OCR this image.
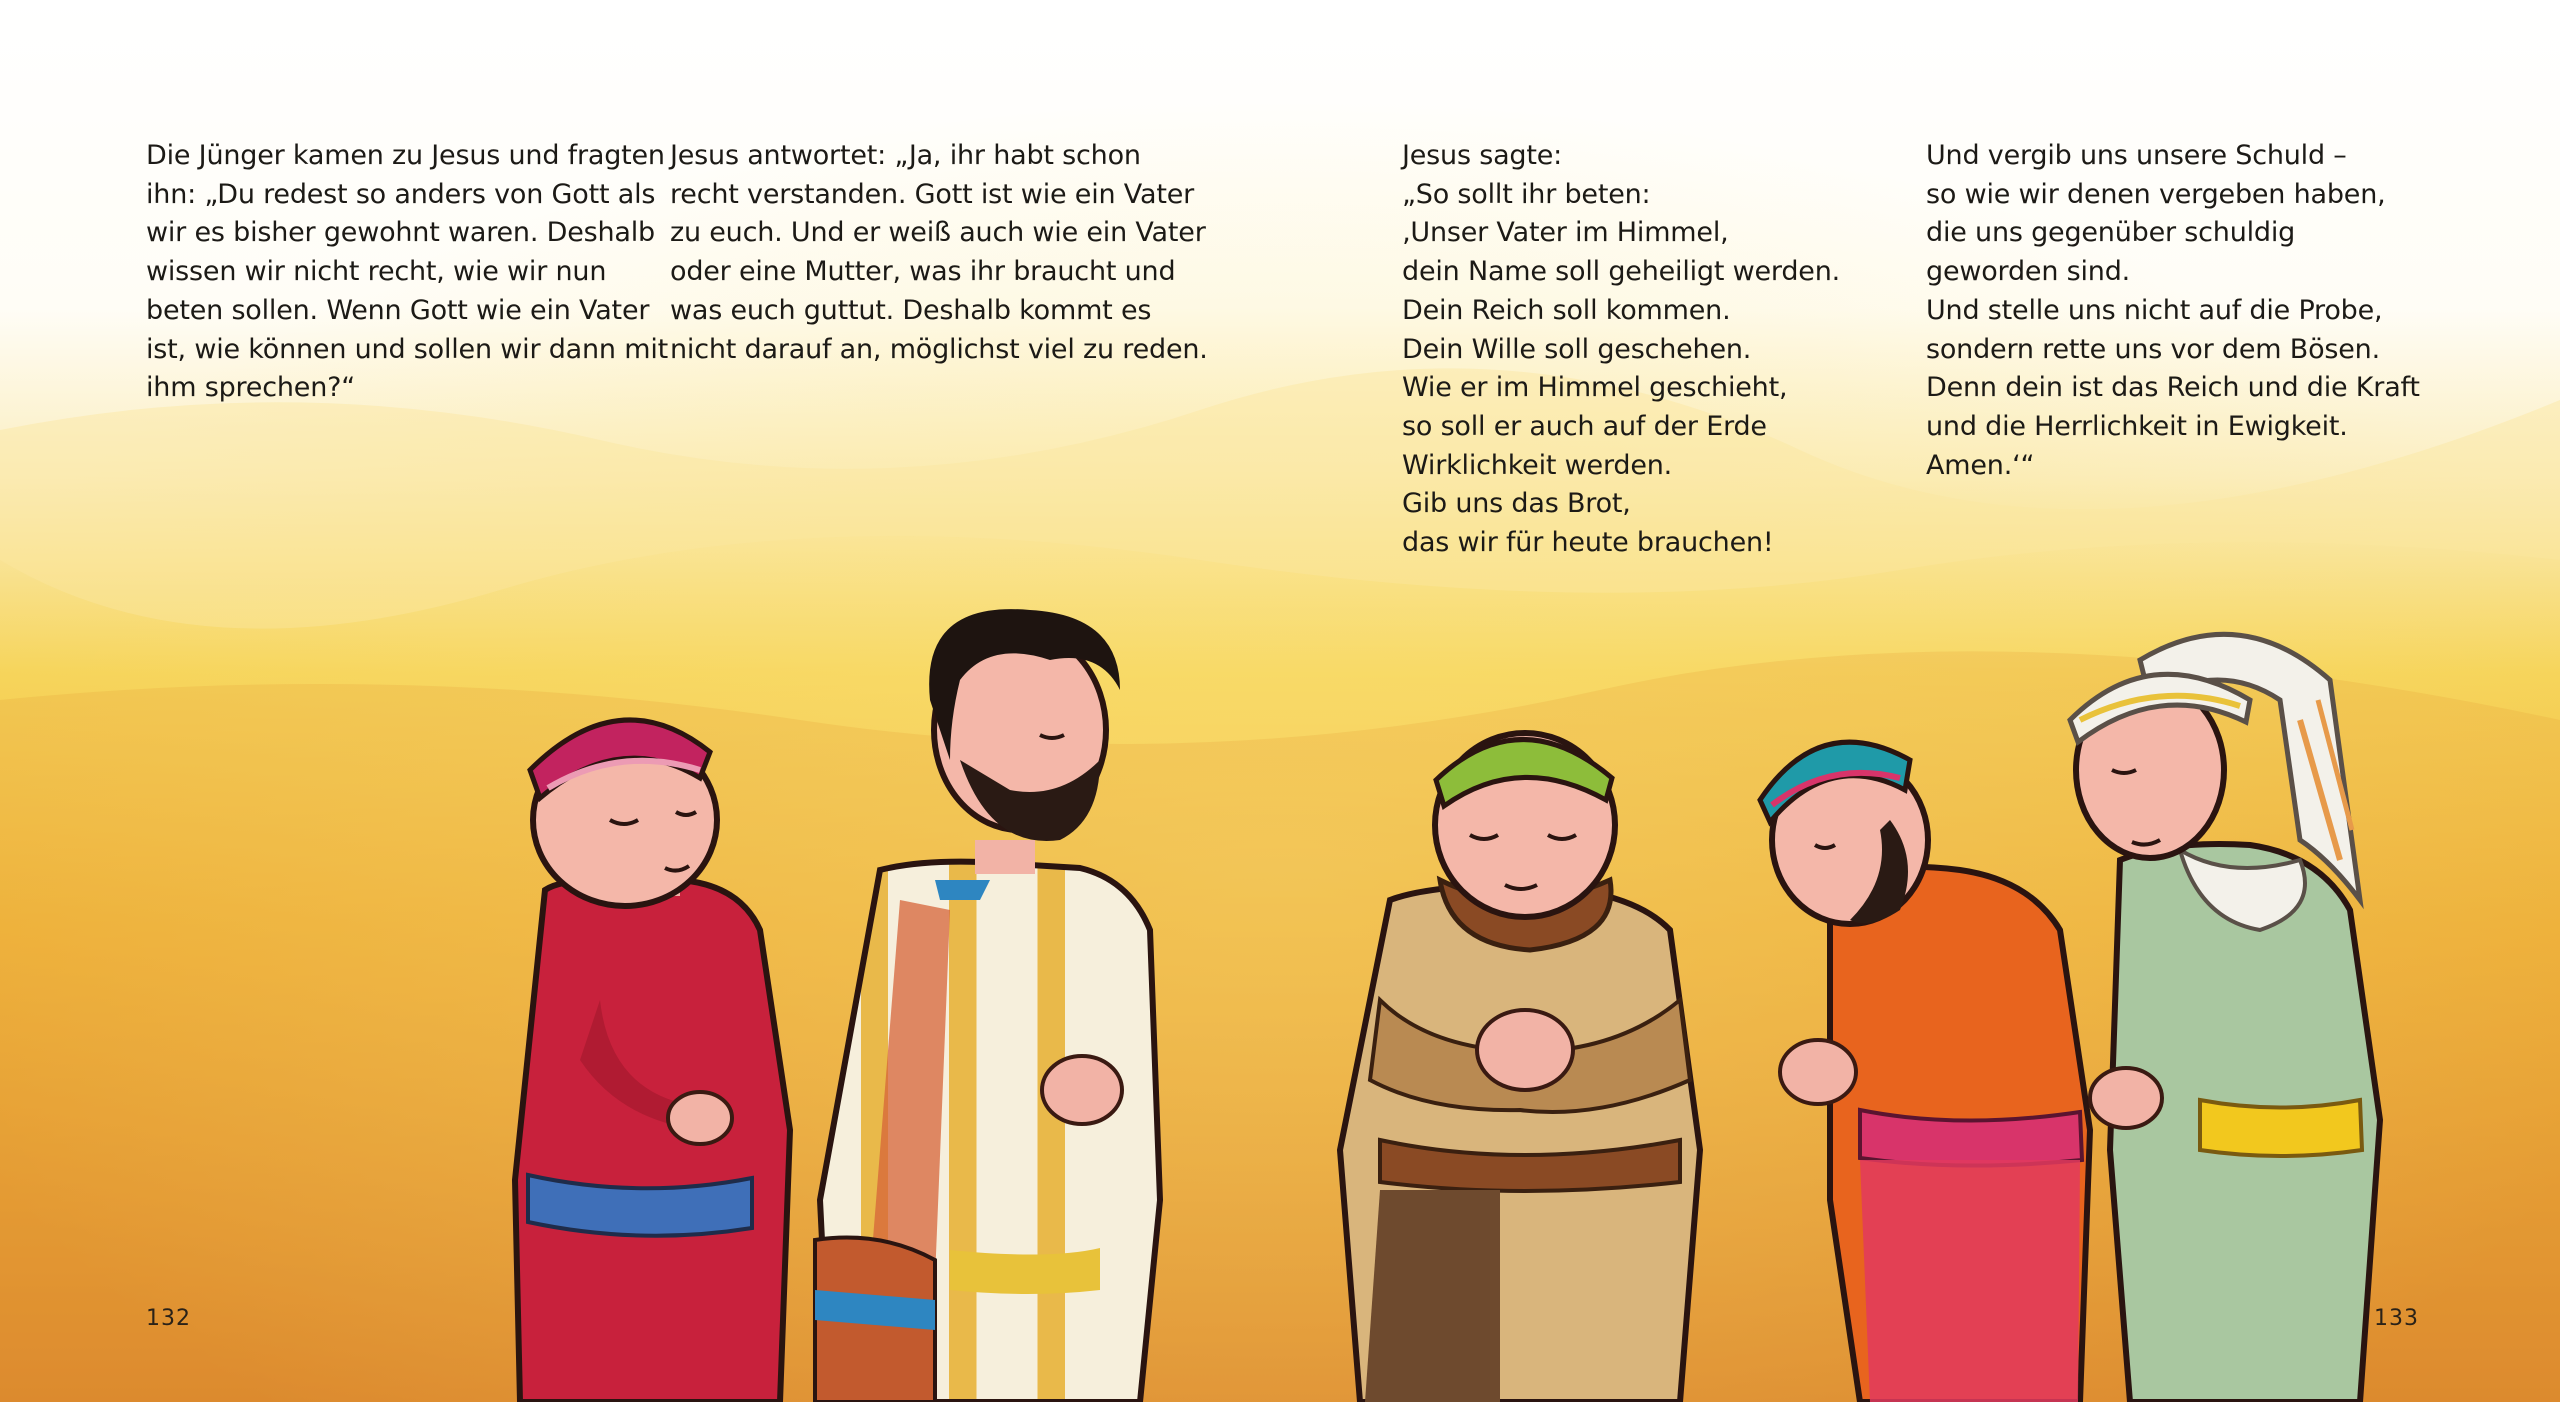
Die Jünger kamen zu Jesus und fragten
ihn: „Du redest so anders von Gott als
wir es bisher gewohnt waren. Deshalb
wissen wir nicht recht, wie wir nun
beten sollen. Wenn Gott wie ein Vater
ist, wie können und sollen wir dann mit
ihm sprechen?“
Jesus antwortet: „Ja, ihr habt schon
recht verstanden. Gott ist wie ein Vater
zu euch. Und er weiß auch wie ein Vater
oder eine Mutter, was ihr braucht und
was euch guttut. Deshalb kommt es
nicht darauf an, möglichst viel zu reden.
Jesus sagte:
„So sollt ihr beten:
‚Unser Vater im Himmel,
dein Name soll geheiligt werden.
Dein Reich soll kommen.
Dein Wille soll geschehen.
Wie er im Himmel geschieht,
so soll er auch auf der Erde
Wirklichkeit werden.
Gib uns das Brot,
das wir für heute brauchen!
Und vergib uns unsere Schuld –
so wie wir denen vergeben haben,
die uns gegenüber schuldig
geworden sind.
Und stelle uns nicht auf die Probe,
sondern rette uns vor dem Bösen.
Denn dein ist das Reich und die Kraft
und die Herrlichkeit in Ewigkeit.
Amen.‘“
132	133
